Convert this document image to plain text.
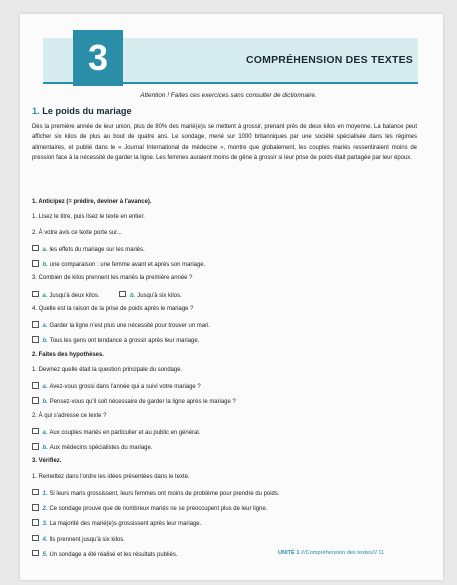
3	COMPRÉHENSION DES TEXTES
Attention ! Faites ces exercices sans consulter de dictionnaire.
1. Le poids du mariage
Dès la première année de leur union, plus de 80% des marié(e)s se mettent à grossir, prenant près de deux kilos en moyenne. La balance peut afficher six kilos de plus au bout de quatre ans. Le sondage, mené sur 1000 britanniques par une société spécialisée dans les régimes alimentaires, et publié dans le « Journal International de médecine », montre que globalement, les couples mariés ressentiraient moins de pression face à la nécessité de garder la ligne. Les femmes auraient moins de gêne à grossir si leur prise de poids était partagée par leur époux.
1. Anticipez (= prédire, deviner à l'avance).
1. Lisez le titre, puis lisez le texte en entier.
2. À votre avis ce texte porte sur...
a. les effets du mariage sur les mariés.
b. une comparaison : une femme avant et après son mariage.
3. Combien de kilos prennent les mariés la première année ?
a. Jusqu'à deux kilos.	b. Jusqu'à six kilos.
4. Quelle est la raison de la prise de poids après le mariage ?
a. Garder la ligne n'est plus une nécessité pour trouver un mari.
b. Tous les gens ont tendance à grossir après leur mariage.
2. Faites des hypothèses.
1. Devinez quelle était la question principale du sondage.
a. Avez-vous grossi dans l'année qui a suivi votre mariage ?
b. Pensez-vous qu'il soit nécessaire de garder la ligne après le mariage ?
2. À qui s'adresse ce texte ?
a. Aux couples mariés en particulier et au public en général.
b. Aux médecins spécialistes du mariage.
3. Vérifiez.
1. Remettez dans l'ordre les idées présentées dans le texte.
1. Si leurs maris grossissent, leurs femmes ont moins de problème pour prendre du poids.
2. Ce sondage prouve que de nombreux mariés ne se préoccupent plus de leur ligne.
3. La majorité des marié(e)s grossissent après leur mariage.
4. Ils prennent jusqu'à six kilos.
5. Un sondage a été réalisé et les résultats publiés.	UNITÉ 1 ///Compréhension des textes/// 11
